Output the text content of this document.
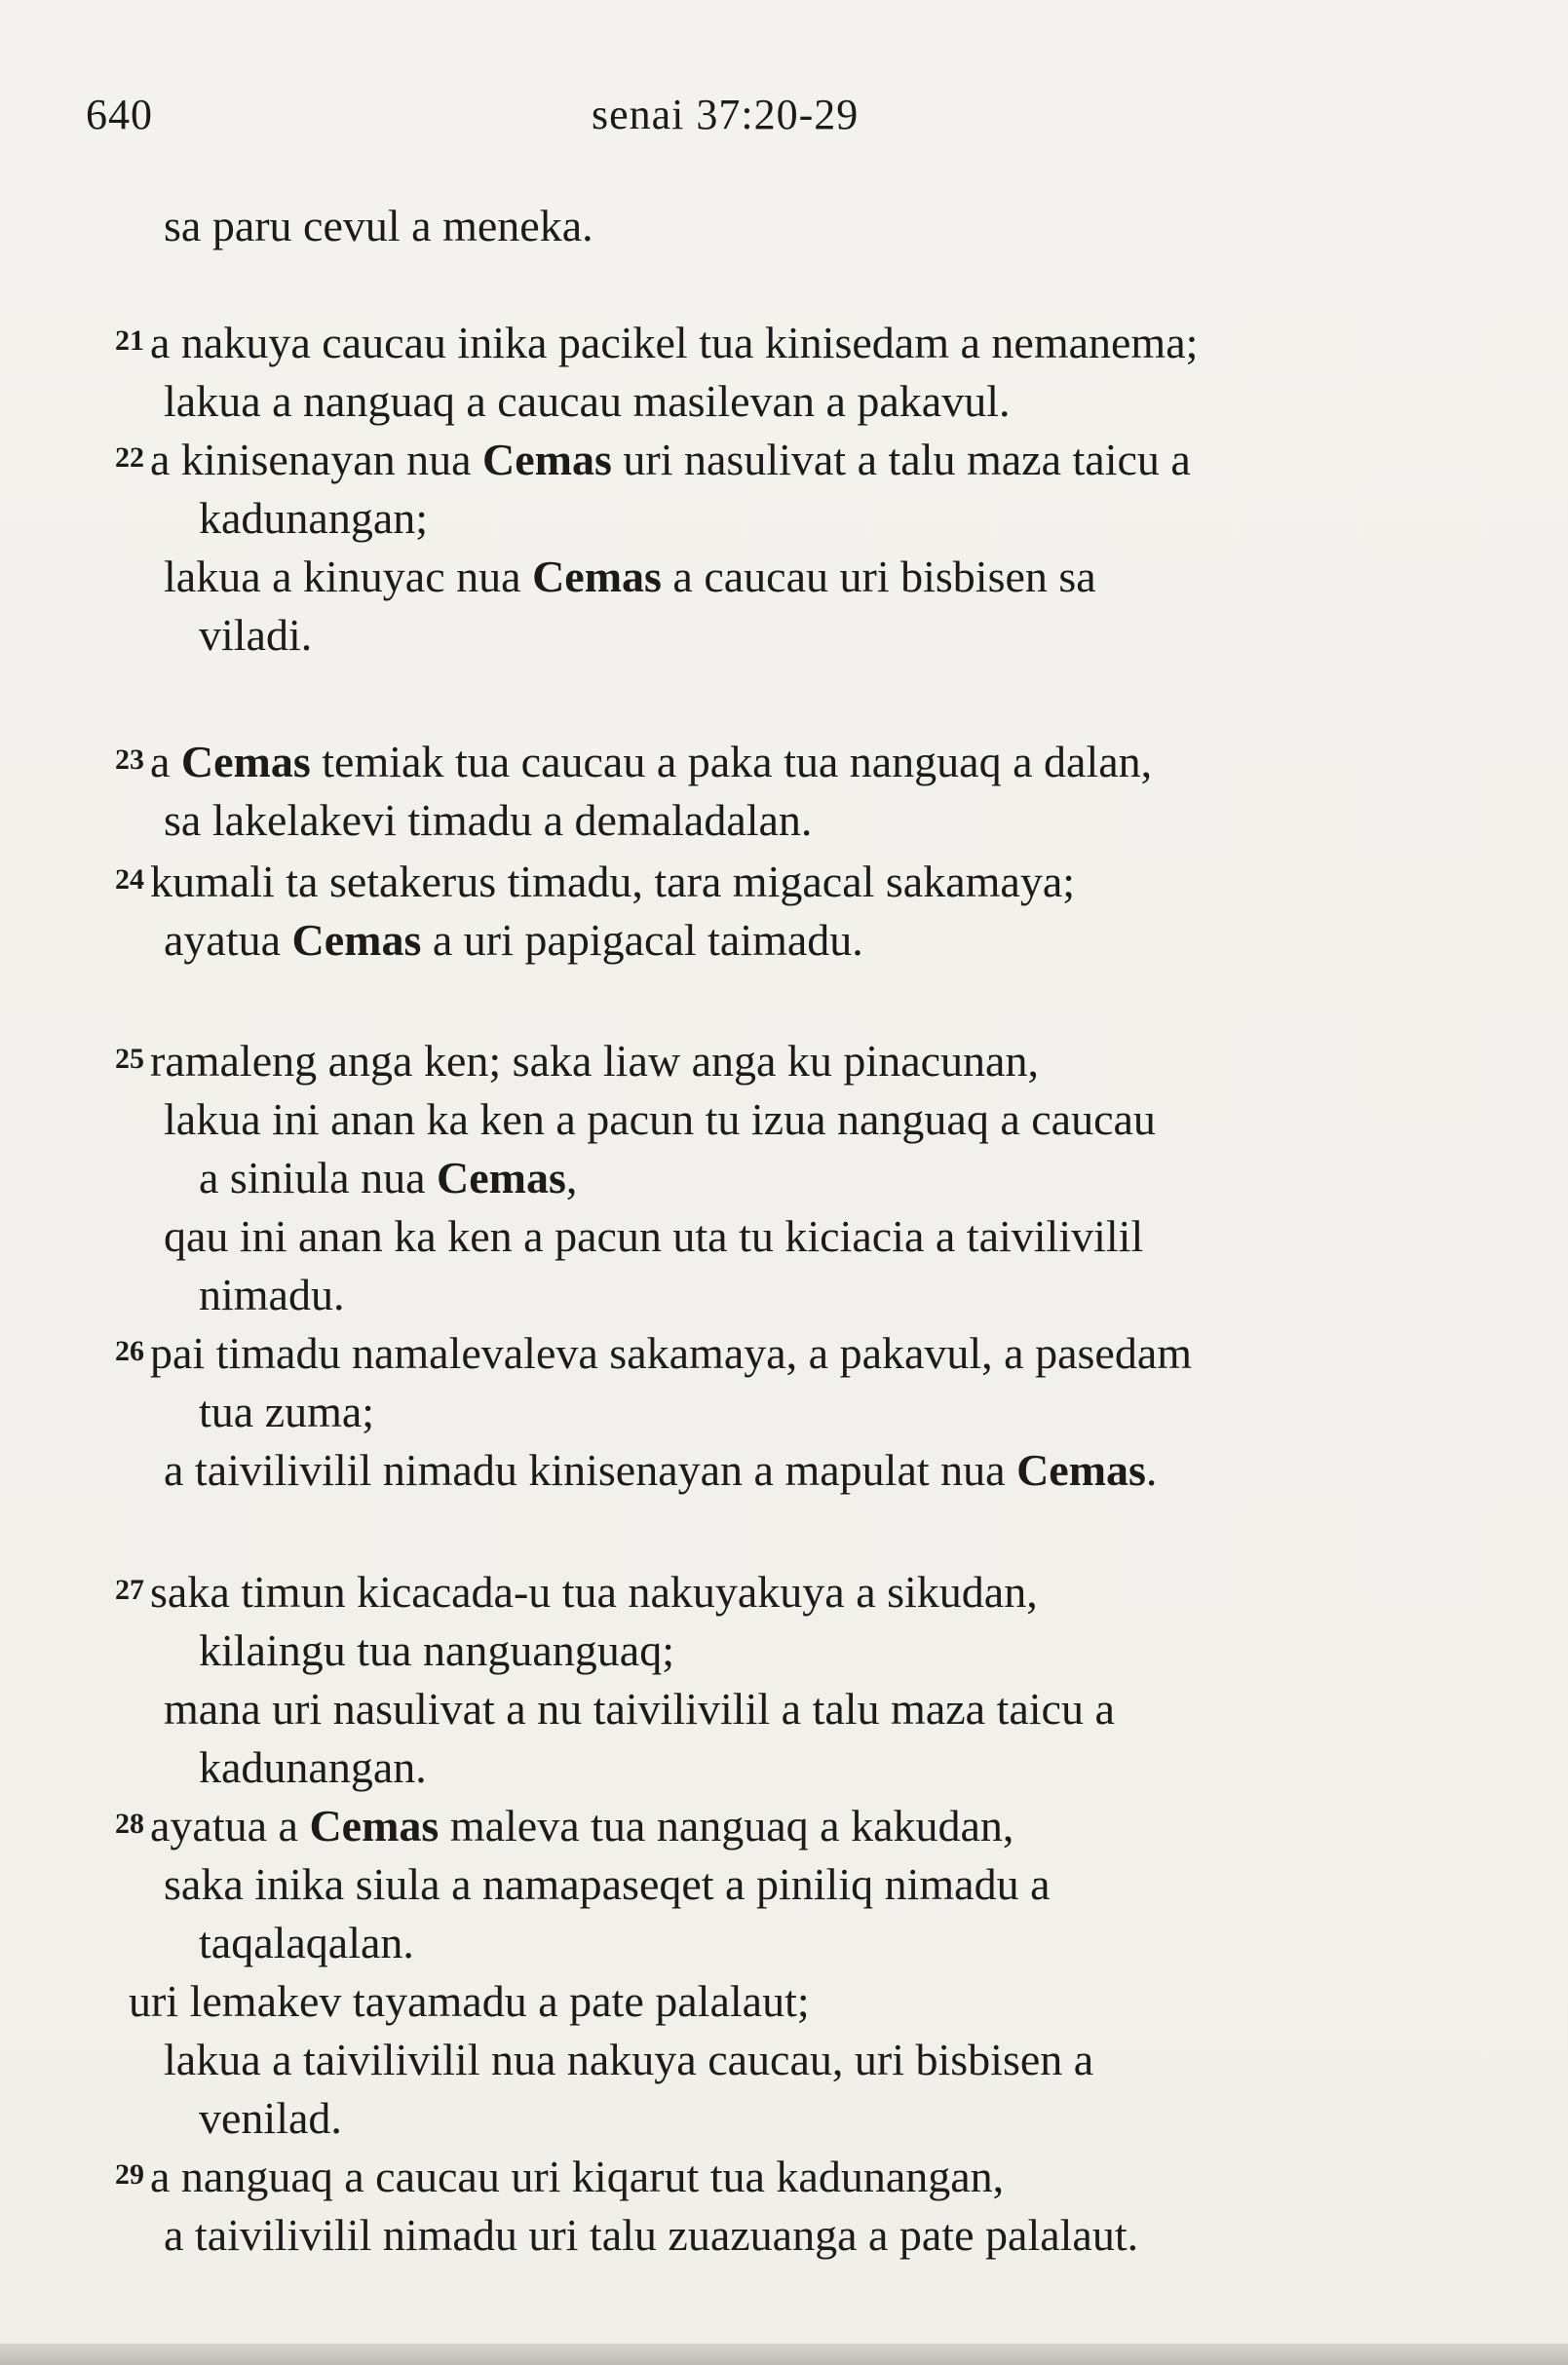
640	senai 37:20-29
sa paru cevul a meneka.
21 a nakuya caucau inika pacikel tua kinisedam a nemanema;
lakua a nanguaq a caucau masilevan a pakavul.
22 a kinisenayan nua Cemas uri nasulivat a talu maza taicu a
kadunangan;
lakua a kinuyac nua Cemas a caucau uri bisbisen sa
viladi.
23 a Cemas temiak tua caucau a paka tua nanguaq a dalan,
sa lakelakevi timadu a demaladalan.
24 kumali ta setakerus timadu, tara migacal sakamaya;
ayatua Cemas a uri papigacal taimadu.
25 ramaleng anga ken; saka liaw anga ku pinacunan,
lakua ini anan ka ken a pacun tu izua nanguaq a caucau
a siniula nua Cemas,
qau ini anan ka ken a pacun uta tu kiciacia a taivilivilil
nimadu.
26 pai timadu namalevaleva sakamaya, a pakavul, a pasedam
tua zuma;
a taivilivilil nimadu kinisenayan a mapulat nua Cemas.
27 saka timun kicacada-u tua nakuyakuya a sikudan,
kilaingu tua nanguanguaq;
mana uri nasulivat a nu taivilivilil a talu maza taicu a
kadunangan.
28 ayatua a Cemas maleva tua nanguaq a kakudan,
saka inika siula a namapaseqet a piniliq nimadu a
taqalaqalan.
uri lemakev tayamadu a pate palalaut;
lakua a taivilivilil nua nakuya caucau, uri bisbisen a
venilad.
29 a nanguaq a caucau uri kiqarut tua kadunangan,
a taivilivilil nimadu uri talu zuazuanga a pate palalaut.
